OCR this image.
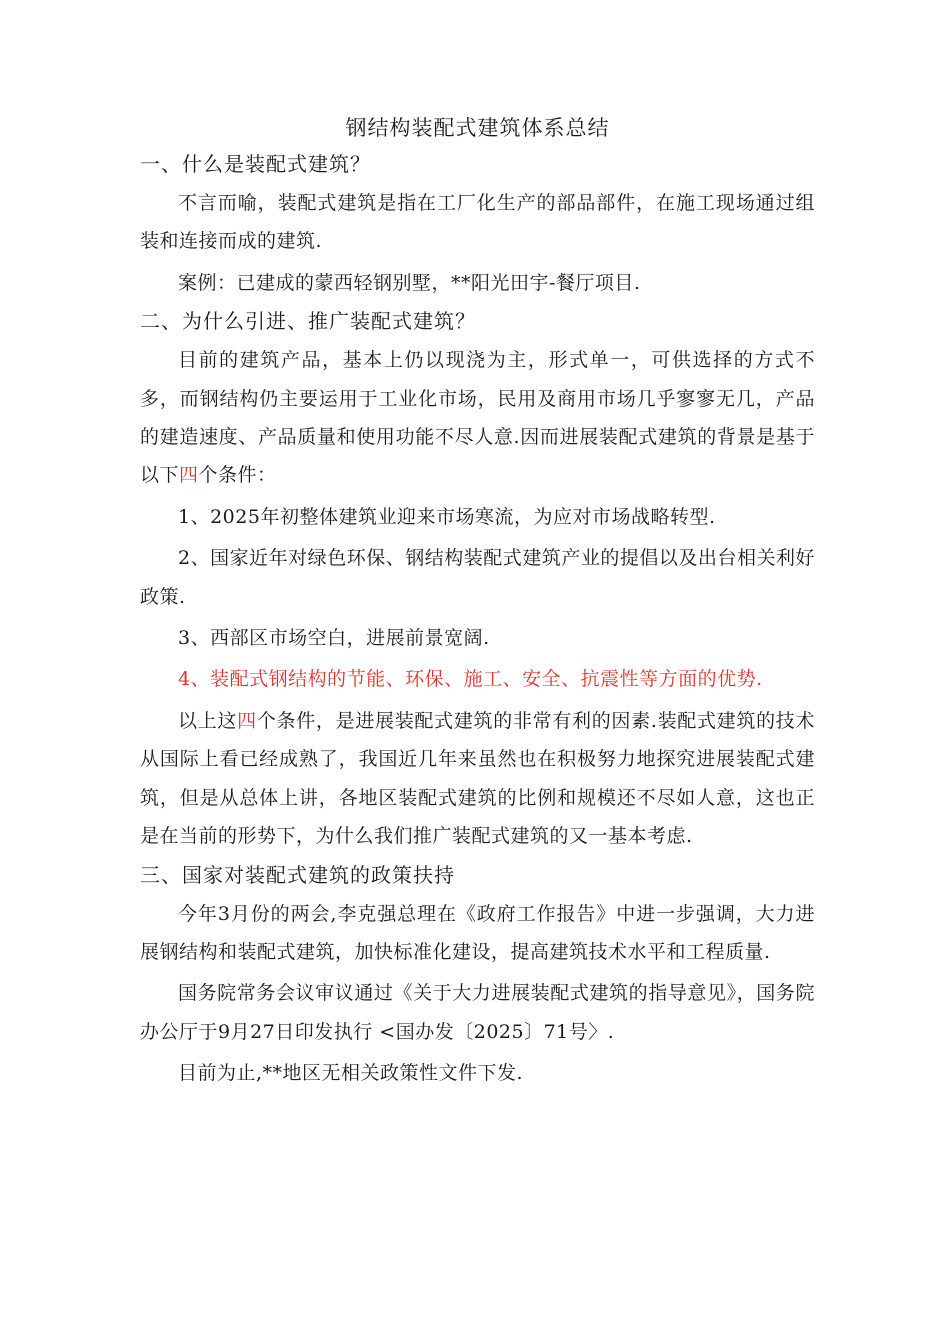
钢结构装配式建筑体系总结
一、什么是装配式建筑？
不言而喻，装配式建筑是指在工厂化生产的部品部件，在施工现场通过组装和连接而成的建筑.
案例：已建成的蒙西轻钢别墅，**阳光田宇-餐厅项目.
二、为什么引进、推广装配式建筑？
目前的建筑产品，基本上仍以现浇为主，形式单一，可供选择的方式不多，而钢结构仍主要运用于工业化市场，民用及商用市场几乎寥寥无几，产品的建造速度、产品质量和使用功能不尽人意.因而进展装配式建筑的背景是基于以下四个条件：
1、2025年初整体建筑业迎来市场寒流，为应对市场战略转型.
2、国家近年对绿色环保、钢结构装配式建筑产业的提倡以及出台相关利好政策.
3、西部区市场空白，进展前景宽阔.
4、装配式钢结构的节能、环保、施工、安全、抗震性等方面的优势.
以上这四个条件，是进展装配式建筑的非常有利的因素.装配式建筑的技术从国际上看已经成熟了，我国近几年来虽然也在积极努力地探究进展装配式建筑，但是从总体上讲，各地区装配式建筑的比例和规模还不尽如人意，这也正是在当前的形势下，为什么我们推广装配式建筑的又一基本考虑.
三、国家对装配式建筑的政策扶持
今年3月份的两会,李克强总理在《政府工作报告》中进一步强调，大力进展钢结构和装配式建筑，加快标准化建设，提高建筑技术水平和工程质量.
国务院常务会议审议通过《关于大力进展装配式建筑的指导意见》，国务院办公厅于9月27日印发执行 <国办发〔2025〕71号〉.
目前为止,**地区无相关政策性文件下发.
